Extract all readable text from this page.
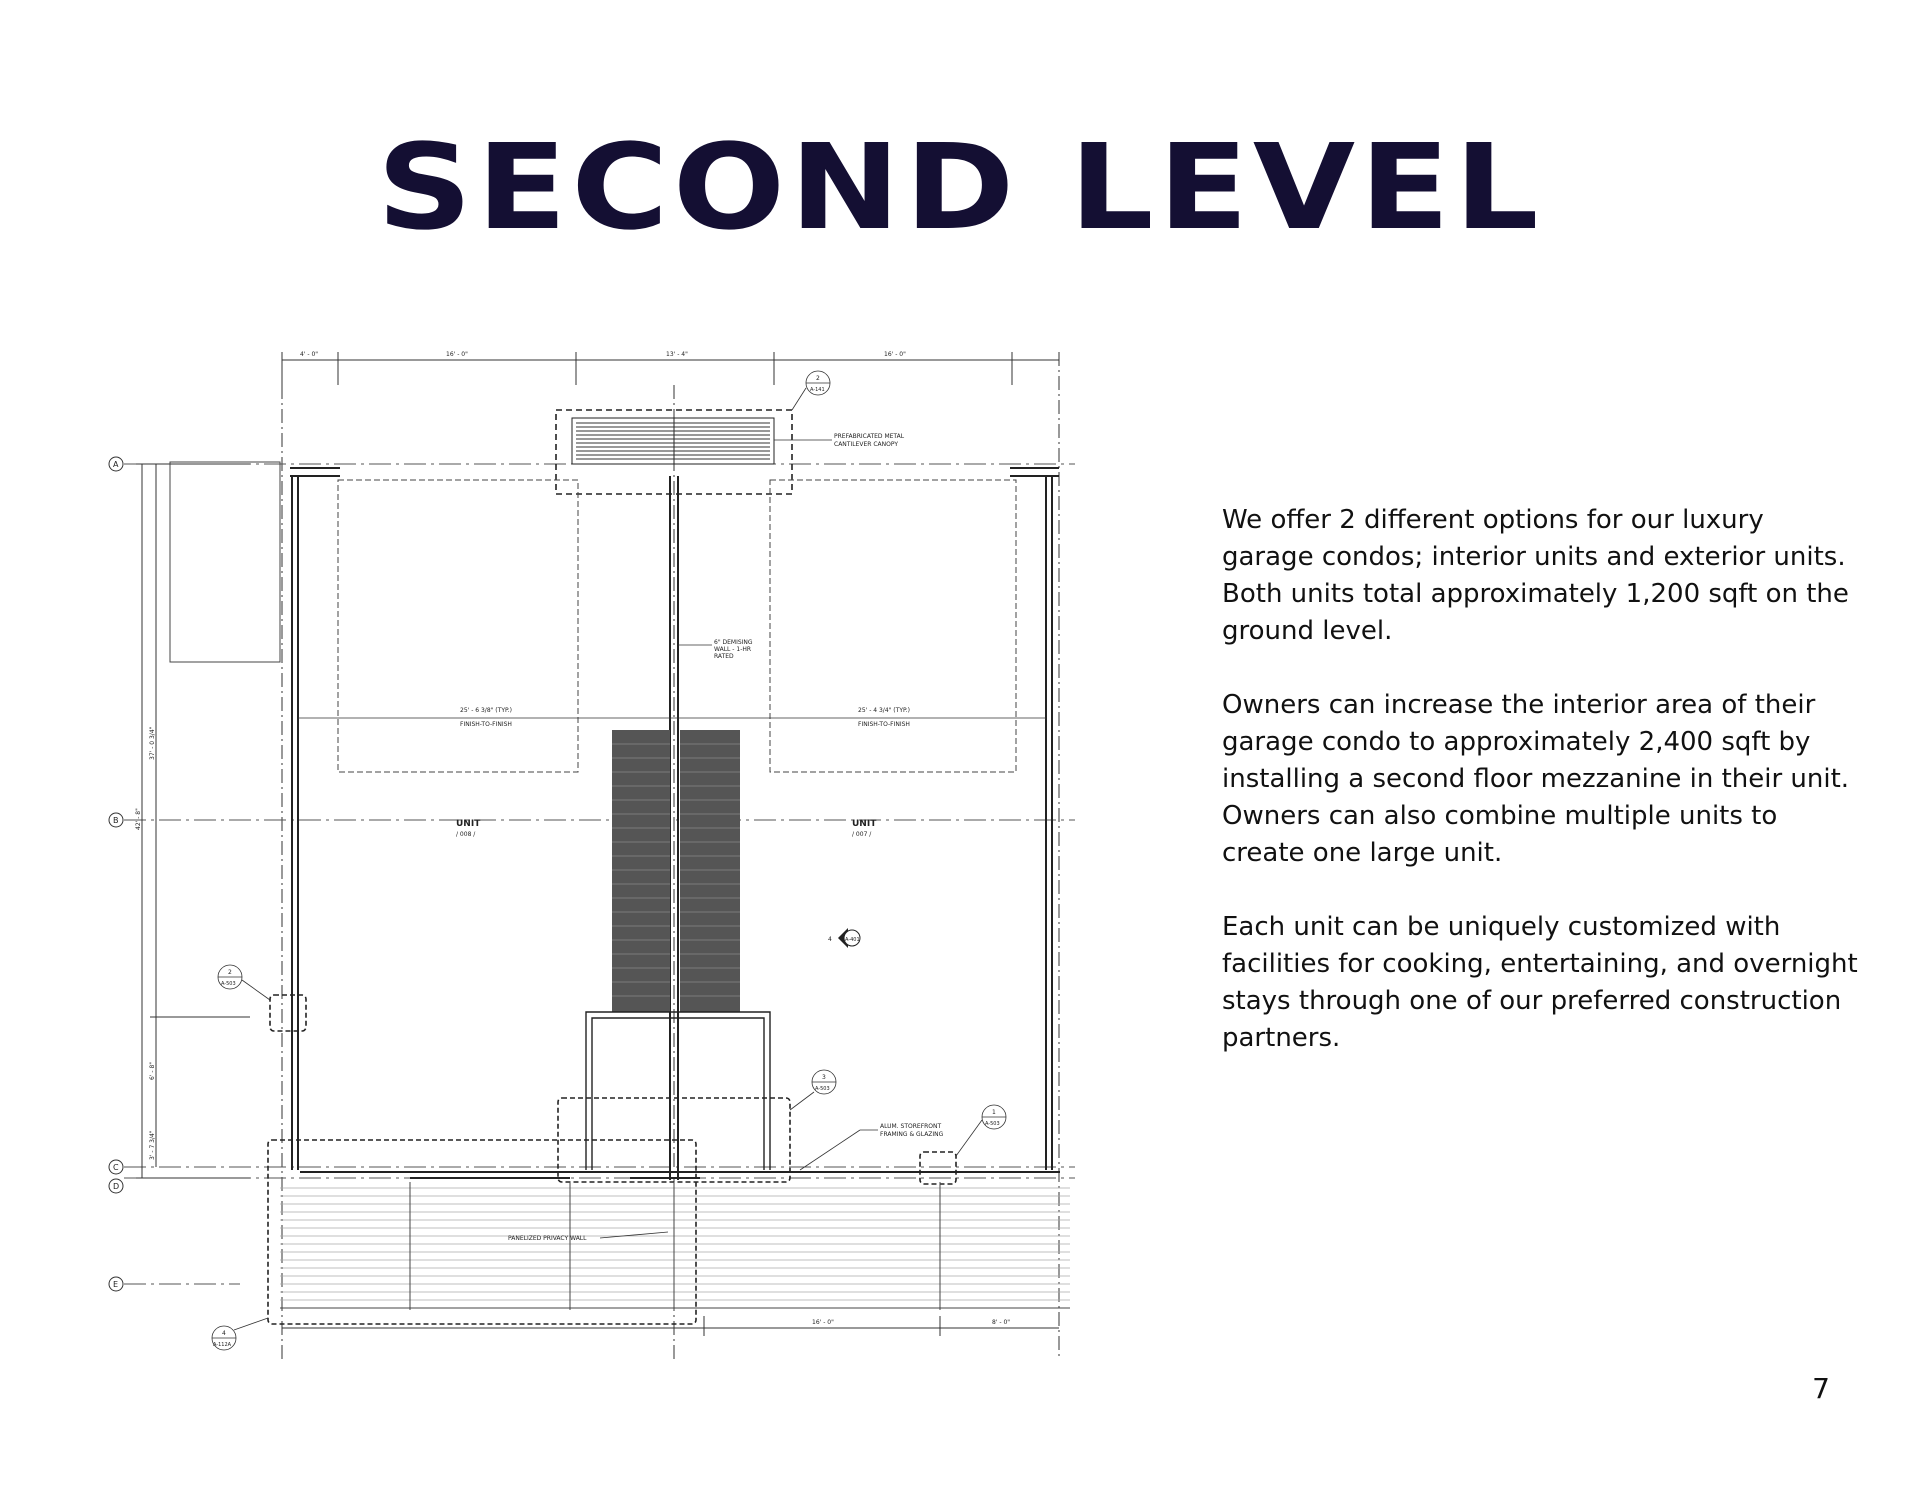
SECOND LEVEL
4' - 0"	16' - 0"	13' - 4"	16' - 0"
A
B
C
D
E
37' - 0 3/4"
42' - 8"
6' - 8"
3' - 7 3/4"
PREFABRICATED METAL
CANTILEVER CANOPY
25' - 6 3/8" (TYP.)
FINISH-TO-FINISH
25' - 4 3/4" (TYP.)
FINISH-TO-FINISH
6" DEMISING
WALL - 1-HR
RATED
UNIT
/ 008 /
UNIT
/ 007 /
4	A-401
2
A-141
2
A-503
3
A-503
1
A-503
4
A-112A
ALUM. STOREFRONT
FRAMING & GLAZING
PANELIZED PRIVACY WALL
16' - 0"	8' - 0"

We offer 2 different options for our luxury garage condos; interior units and exterior units. Both units total approximately 1,200 sqft on the ground level.

Owners can increase the interior area of their garage condo to approximately 2,400 sqft by installing a second floor mezzanine in their unit. Owners can also combine multiple units to create one large unit.

Each unit can be uniquely customized with facilities for cooking, entertaining, and overnight stays through one of our preferred construction partners.

7
